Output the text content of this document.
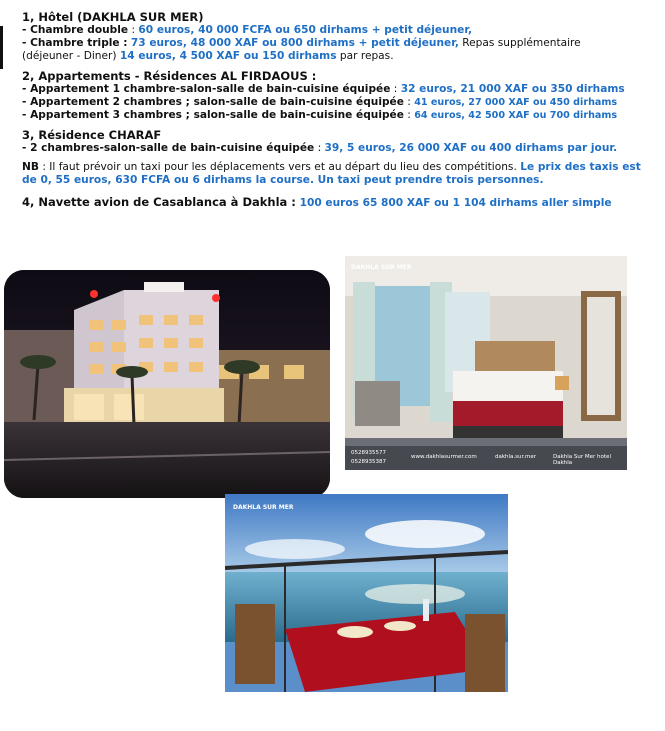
1, Hôtel (DAKHLA SUR MER)
- Chambre double : 60 euros, 40 000 FCFA ou 650 dirhams + petit déjeuner,
- Chambre triple : 73 euros, 48 000 XAF ou 800 dirhams + petit déjeuner, Repas supplémentaire
(déjeuner - Diner) 14 euros, 4 500 XAF ou 150 dirhams par repas.
2, Appartements - Résidences AL FIRDAOUS :
- Appartement 1 chambre-salon-salle de bain-cuisine équipée : 32 euros, 21 000 XAF ou 350 dirhams
- Appartement 2 chambres ; salon-salle de bain-cuisine équipée : 41 euros, 27 000 XAF ou 450 dirhams
- Appartement 3 chambres ; salon-salle de bain-cuisine équipée : 64 euros, 42 500 XAF ou 700 dirhams
3, Résidence CHARAF
- 2 chambres-salon-salle de bain-cuisine équipée : 39, 5 euros, 26 000 XAF ou 400 dirhams par jour.
NB : Il faut prévoir un taxi pour les déplacements vers et au départ du lieu des compétitions. Le prix des taxis est de 0, 55 euros, 630 FCFA ou 6 dirhams la course. Un taxi peut prendre trois personnes.
4, Navette avion de Casablanca à Dakhla : 100 euros 65 800 XAF ou 1 104 dirhams aller simple
DAKHLA SUR MER
0528935577
0528935387
www.dakhlasurmer.com	dakhla.sur.mer	Dakhla Sur Mer hotel Dakhla
DAKHLA SUR MER
